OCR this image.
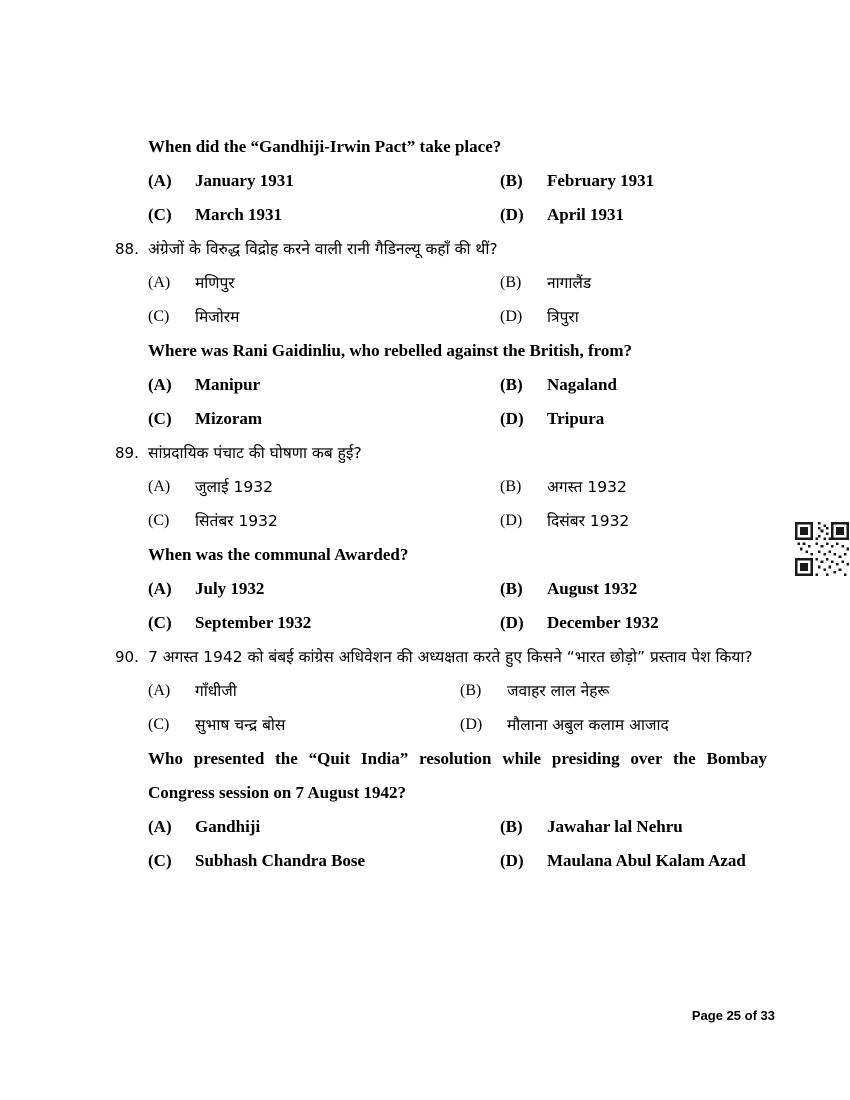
When did the “Gandhiji-Irwin Pact” take place?
(A)	January 1931	(B)	February 1931
(C)	March 1931	(D)	April 1931
88. अंग्रेजों के विरुद्ध विद्रोह करने वाली रानी गैडिनल्यू कहाँ की थीं?
(A)	मणिपुर	(B)	नागालैंड
(C)	मिजोरम	(D)	त्रिपुरा
Where was Rani Gaidinliu, who rebelled against the British, from?
(A)	Manipur	(B)	Nagaland
(C)	Mizoram	(D)	Tripura
89. सांप्रदायिक पंचाट की घोषणा कब हुई?
(A)	जुलाई 1932	(B)	अगस्त 1932
(C)	सितंबर 1932	(D)	दिसंबर 1932
When was the communal Awarded?
(A)	July 1932	(B)	August 1932
(C)	September 1932	(D)	December 1932
90. 7 अगस्त 1942 को बंबई कांग्रेस अधिवेशन की अध्यक्षता करते हुए किसने “भारत छोड़ो” प्रस्ताव पेश किया?
(A)	गाँधीजी	(B)	जवाहर लाल नेहरू
(C)	सुभाष चन्द्र बोस	(D)	मौलाना अबुल कलाम आजाद
Who presented the “Quit India” resolution while presiding over the Bombay Congress session on 7 August 1942?
(A)	Gandhiji	(B)	Jawahar lal Nehru
(C)	Subhash Chandra Bose	(D)	Maulana Abul Kalam Azad
Page 25 of 33
